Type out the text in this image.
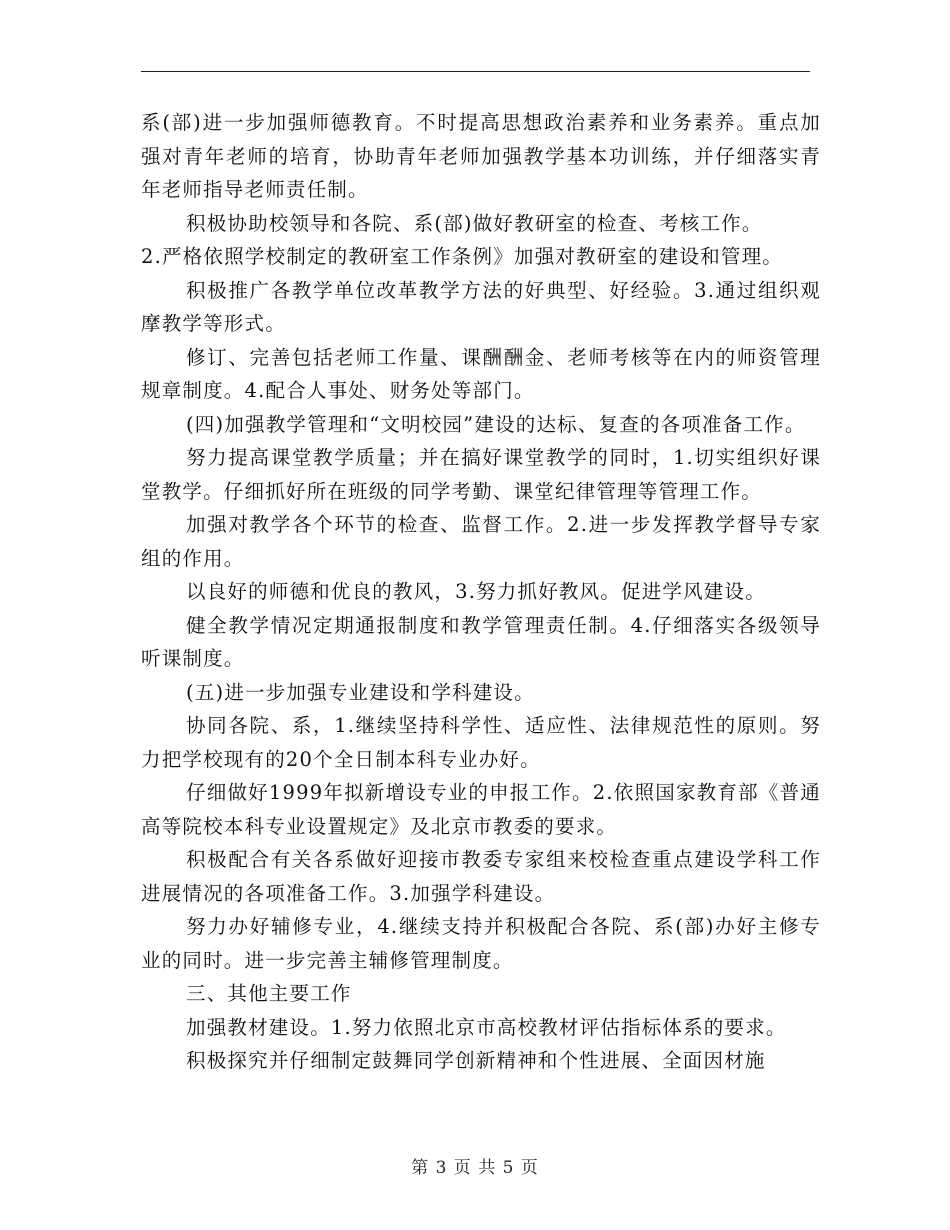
系(部)进一步加强师德教育。不时提高思想政治素养和业务素养。重点加强对青年老师的培育，协助青年老师加强教学基本功训练，并仔细落实青年老师指导老师责任制。

积极协助校领导和各院、系(部)做好教研室的检查、考核工作。

2.严格依照学校制定的教研室工作条例》加强对教研室的建设和管理。

积极推广各教学单位改革教学方法的好典型、好经验。3.通过组织观摩教学等形式。

修订、完善包括老师工作量、课酬酬金、老师考核等在内的师资管理规章制度。4.配合人事处、财务处等部门。

(四)加强教学管理和“文明校园”建设的达标、复查的各项准备工作。

努力提高课堂教学质量；并在搞好课堂教学的同时，1.切实组织好课堂教学。仔细抓好所在班级的同学考勤、课堂纪律管理等管理工作。

加强对教学各个环节的检查、监督工作。2.进一步发挥教学督导专家组的作用。

以良好的师德和优良的教风，3.努力抓好教风。促进学风建设。

健全教学情况定期通报制度和教学管理责任制。4.仔细落实各级领导听课制度。

(五)进一步加强专业建设和学科建设。

协同各院、系，1.继续坚持科学性、适应性、法律规范性的原则。努力把学校现有的20个全日制本科专业办好。

仔细做好1999年拟新增设专业的申报工作。2.依照国家教育部《普通高等院校本科专业设置规定》及北京市教委的要求。

积极配合有关各系做好迎接市教委专家组来校检查重点建设学科工作进展情况的各项准备工作。3.加强学科建设。

努力办好辅修专业，4.继续支持并积极配合各院、系(部)办好主修专业的同时。进一步完善主辅修管理制度。

三、其他主要工作

加强教材建设。1.努力依照北京市高校教材评估指标体系的要求。

积极探究并仔细制定鼓舞同学创新精神和个性进展、全面因材施

第 3 页 共 5 页
